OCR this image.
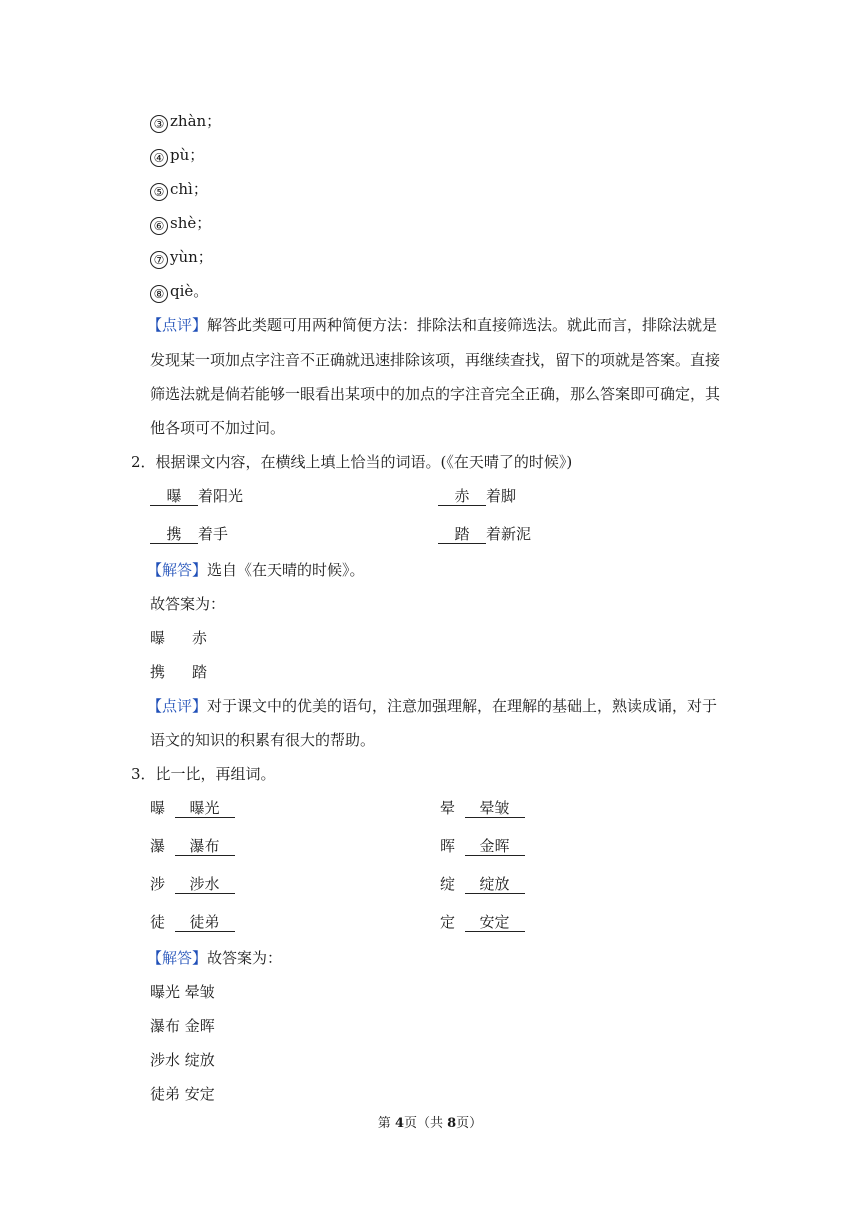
③ zhàn；
④ pù；
⑤ chì；
⑥ shè；
⑦ yùn；
⑧ qiè。
【点评】解答此类题可用两种简便方法：排除法和直接筛选法。就此而言，排除法就是
发现某一项加点字注音不正确就迅速排除该项，再继续查找，留下的项就是答案。直接
筛选法就是倘若能够一眼看出某项中的加点的字注音完全正确，那么答案即可确定，其
他各项可不加过问。
2．根据课文内容，在横线上填上恰当的词语。(《在天晴了的时候》)
曝 着阳光	赤 着脚
携 着手	踏 着新泥
【解答】选自《在天晴的时候》。
故答案为：
曝 赤
携 踏
【点评】对于课文中的优美的语句，注意加强理解，在理解的基础上，熟读成诵，对于
语文的知识的积累有很大的帮助。
3．比一比，再组词。
曝 曝光	晕 晕皱
瀑 瀑布	晖 金晖
涉 涉水	绽 绽放
徒 徒弟	定 安定
【解答】故答案为：
曝光 晕皱
瀑布 金晖
涉水 绽放
徒弟 安定
第 4页（共 8页）
